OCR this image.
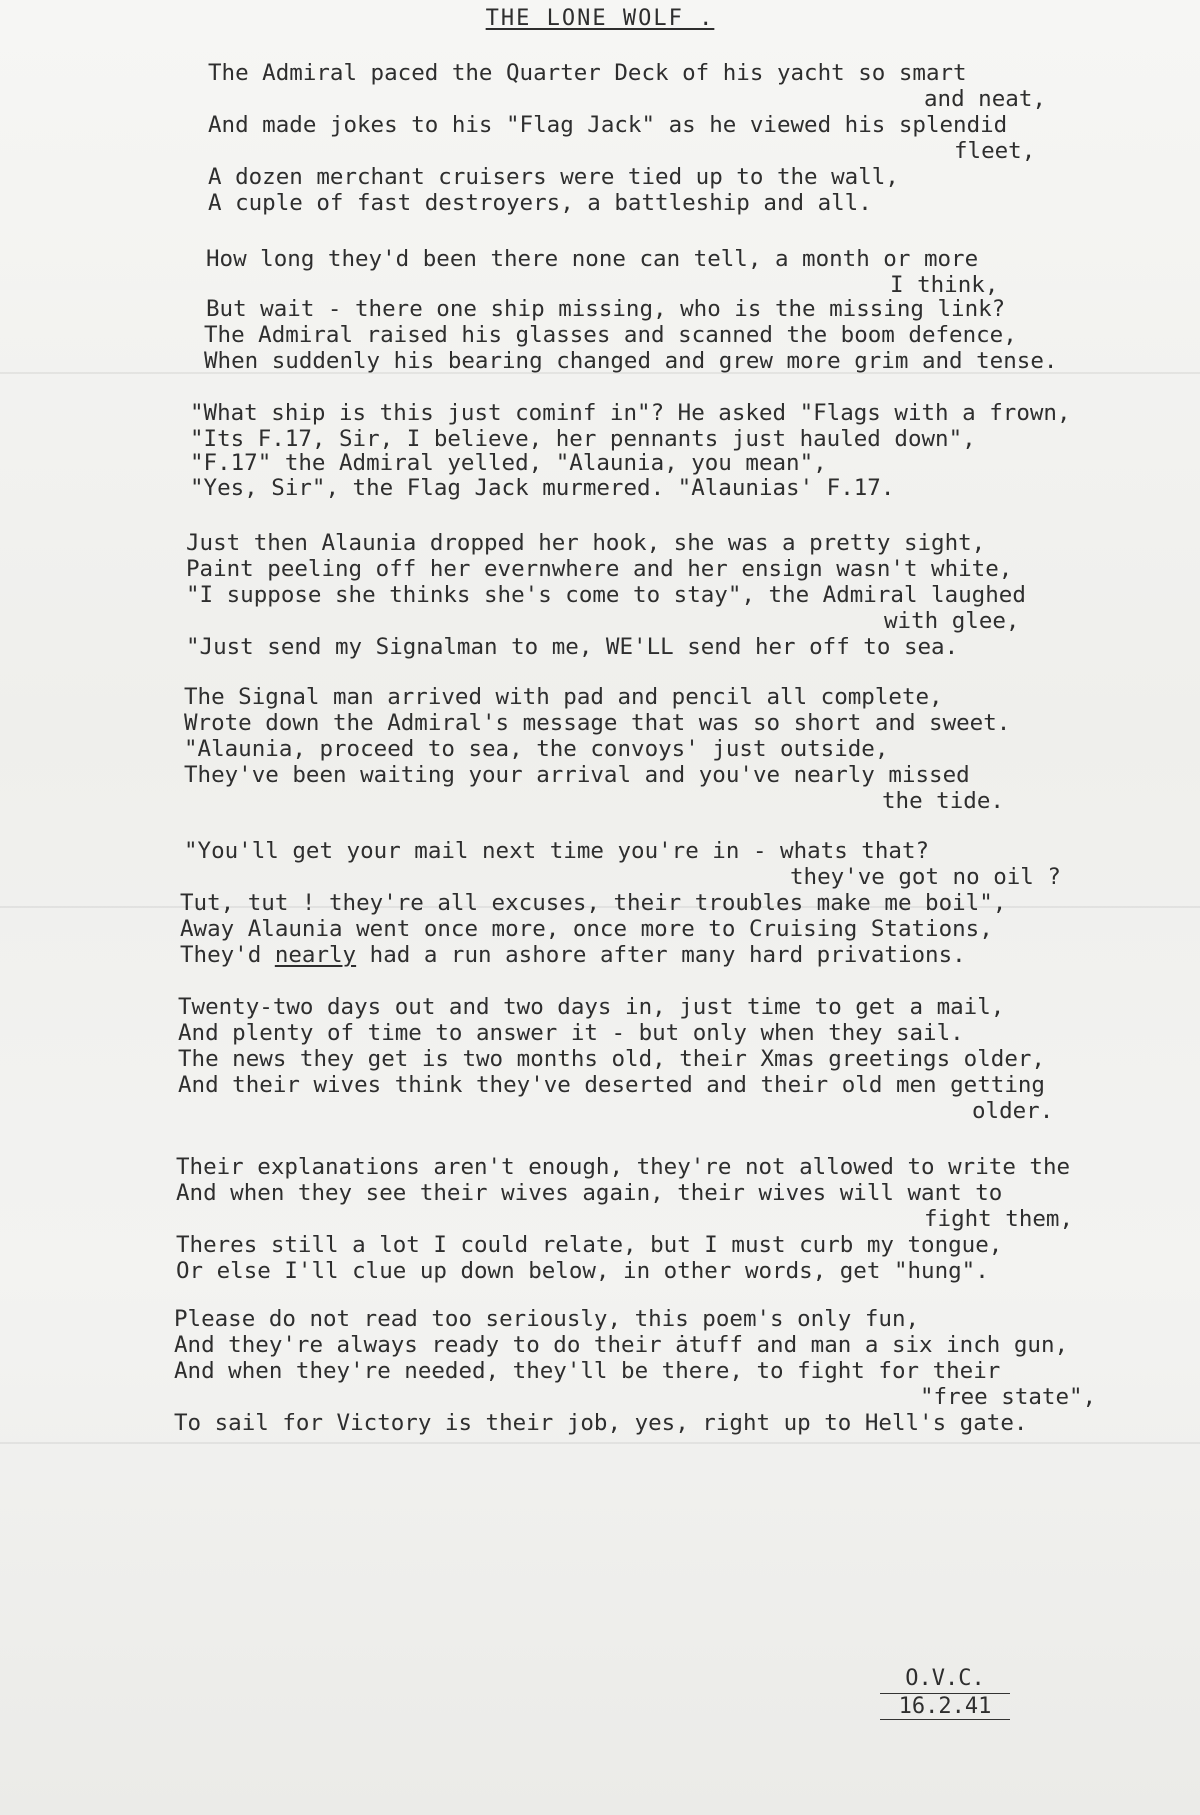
THE LONE WOLF .
The Admiral paced the Quarter Deck of his yacht so smart
and neat,
And made jokes to his "Flag Jack" as he viewed his splendid
fleet,
A dozen merchant cruisers were tied up to the wall,
A cuple of fast destroyers, a battleship and all.
How long they'd been there none can tell, a month or more
I think,
But wait - there one ship missing, who is the missing link?
The Admiral raised his glasses and scanned the boom defence,
When suddenly his bearing changed and grew more grim and tense.
"What ship is this just cominf in"? He asked "Flags with a frown,
"Its F.17, Sir, I believe, her pennants just hauled down",
"F.17" the Admiral yelled, "Alaunia, you mean",
"Yes, Sir", the Flag Jack murmered. "Alaunias' F.17.
Just then Alaunia dropped her hook, she was a pretty sight,
Paint peeling off her evernwhere and her ensign wasn't white,
"I suppose she thinks she's come to stay", the Admiral laughed
with glee,
"Just send my Signalman to me, WE'LL send her off to sea.
The Signal man arrived with pad and pencil all complete,
Wrote down the Admiral's message that was so short and sweet.
"Alaunia, proceed to sea, the convoys' just outside,
They've been waiting your arrival and you've nearly missed
the tide.
"You'll get your mail next time you're in - whats that?
they've got no oil ?
Tut, tut ! they're all excuses, their troubles make me boil",
Away Alaunia went once more, once more to Cruising Stations,
They'd nearly had a run ashore after many hard privations.
Twenty-two days out and two days in, just time to get a mail,
And plenty of time to answer it - but only when they sail.
The news they get is two months old, their Xmas greetings older,
And their wives think they've deserted and their old men getting
older.
Their explanations aren't enough, they're not allowed to write the
And when they see their wives again, their wives will want to
fight them,
Theres still a lot I could relate, but I must curb my tongue,
Or else I'll clue up down below, in other words, get "hung".
Please do not read too seriously, this poem's only fun,
And they're always ready to do their ȧtuff and man a six inch gun,
And when they're needed, they'll be there, to fight for their
"free state",
To sail for Victory is their job, yes, right up to Hell's gate.
O.V.C.
16.2.41
